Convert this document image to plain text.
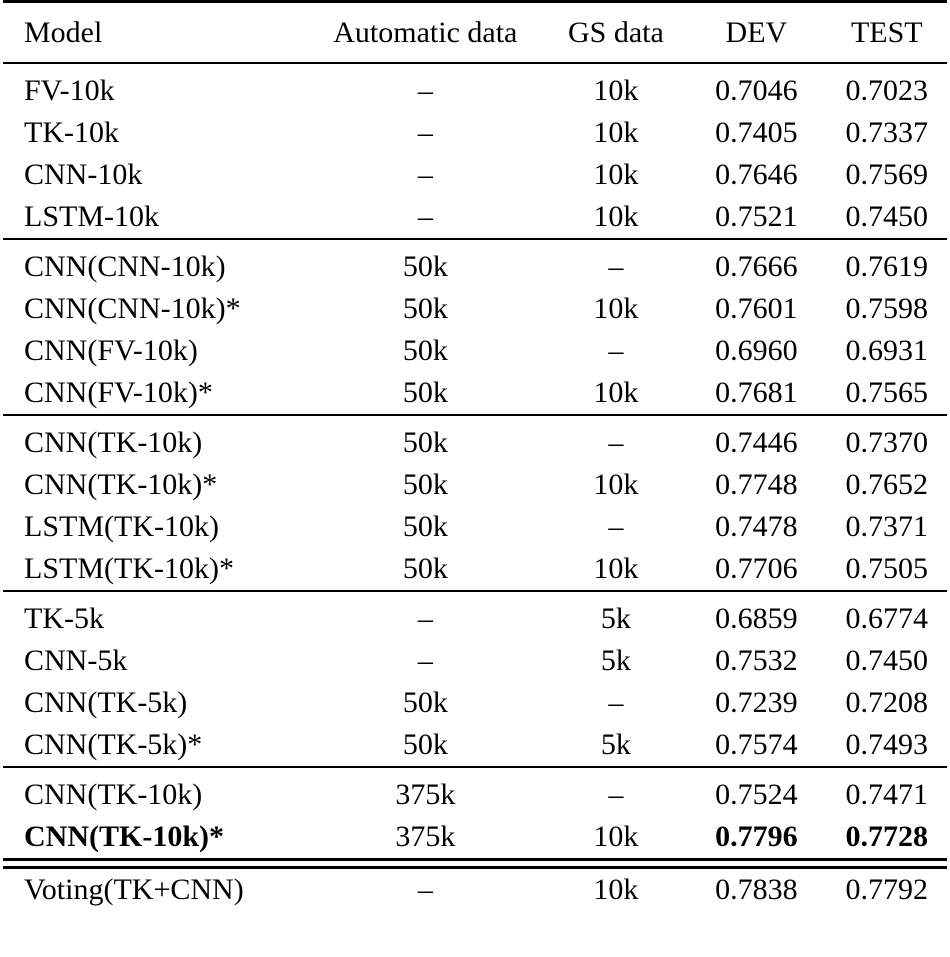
Model	Automatic data	GS data	DEV	TEST

FV-10k	–	10k	0.7046	0.7023
TK-10k	–	10k	0.7405	0.7337
CNN-10k	–	10k	0.7646	0.7569
LSTM-10k	–	10k	0.7521	0.7450

CNN(CNN-10k)	50k	–	0.7666	0.7619
CNN(CNN-10k)*	50k	10k	0.7601	0.7598
CNN(FV-10k)	50k	–	0.6960	0.6931
CNN(FV-10k)*	50k	10k	0.7681	0.7565

CNN(TK-10k)	50k	–	0.7446	0.7370
CNN(TK-10k)*	50k	10k	0.7748	0.7652
LSTM(TK-10k)	50k	–	0.7478	0.7371
LSTM(TK-10k)*	50k	10k	0.7706	0.7505

TK-5k	–	5k	0.6859	0.6774
CNN-5k	–	5k	0.7532	0.7450
CNN(TK-5k)	50k	–	0.7239	0.7208
CNN(TK-5k)*	50k	5k	0.7574	0.7493

CNN(TK-10k)	375k	–	0.7524	0.7471
CNN(TK-10k)*	375k	10k	0.7796	0.7728

Voting(TK+CNN)	–	10k	0.7838	0.7792
